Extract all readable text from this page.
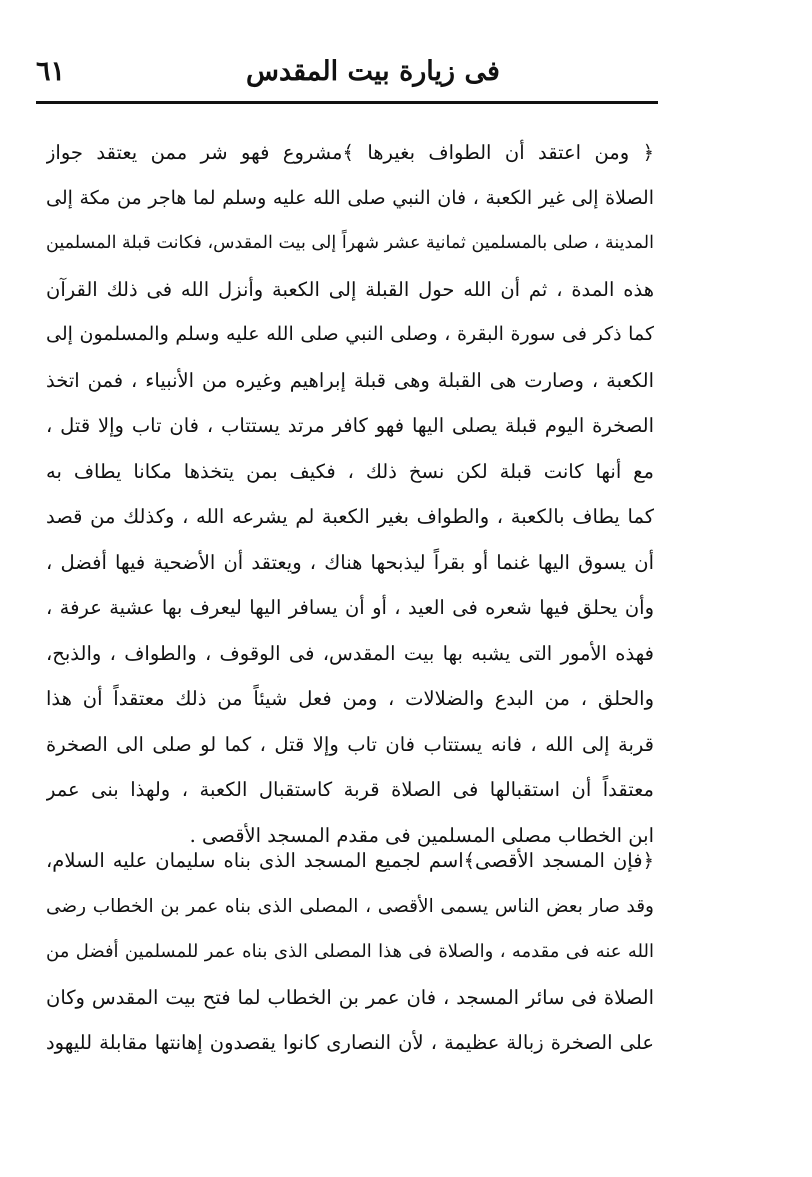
فى زيارة بيت المقدس
٦١
﴿ ومن اعتقد أن الطواف بغيرها ﴾مشروع فهو شر ممن يعتقد جواز
الصلاة إلى غير الكعبة ، فان النبي صلى الله عليه وسلم لما هاجر من مكة إلى
المدينة ، صلى بالمسلمين ثمانية عشر شهراً إلى بيت المقدس، فكانت قبلة المسلمين
هذه المدة ، ثم أن الله حول القبلة إلى الكعبة وأنزل الله فى ذلك القرآن
كما ذكر فى سورة البقرة ، وصلى النبي صلى الله عليه وسلم والمسلمون إلى
الكعبة ، وصارت هى القبلة وهى قبلة إبراهيم وغيره من الأنبياء ، فمن اتخذ
الصخرة اليوم قبلة يصلى اليها فهو كافر مرتد يستتاب ، فان تاب وإلا قتل ،
مع أنها كانت قبلة لكن نسخ ذلك ، فكيف بمن يتخذها مكانا يطاف به
كما يطاف بالكعبة ، والطواف بغير الكعبة لم يشرعه الله ، وكذلك من قصد
أن يسوق اليها غنما أو بقراً ليذبحها هناك ، ويعتقد أن الأضحية فيها أفضل ،
وأن يحلق فيها شعره فى العيد ، أو أن يسافر اليها ليعرف بها عشية عرفة ،
فهذه الأمور التى يشبه بها بيت المقدس، فى الوقوف ، والطواف ، والذبح،
والحلق ، من البدع والضلالات ، ومن فعل شيئاً من ذلك معتقداً أن هذا
قربة إلى الله ، فانه يستتاب فان تاب وإلا قتل ، كما لو صلى الى الصخرة
معتقداً أن استقبالها فى الصلاة قربة كاستقبال الكعبة ، ولهذا بنى عمر
ابن الخطاب مصلى المسلمين فى مقدم المسجد الأقصى .
﴿فإن المسجد الأقصى﴾اسم لجميع المسجد الذى بناه سليمان عليه السلام،
وقد صار بعض الناس يسمى الأقصى ، المصلى الذى بناه عمر بن الخطاب رضى
الله عنه فى مقدمه ، والصلاة فى هذا المصلى الذى بناه عمر للمسلمين أفضل من
الصلاة فى سائر المسجد ، فان عمر بن الخطاب لما فتح بيت المقدس وكان
على الصخرة زبالة عظيمة ، لأن النصارى كانوا يقصدون إهانتها مقابلة لليهود
